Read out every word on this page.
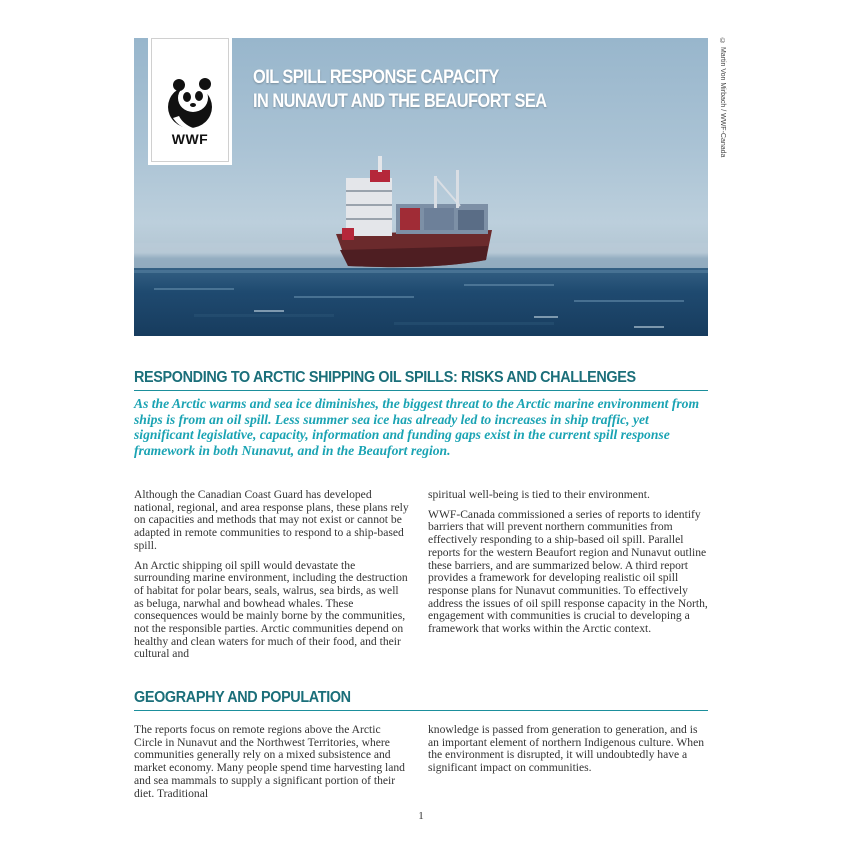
WWF
OIL SPILL RESPONSE CAPACITY
IN NUNAVUT AND THE BEAUFORT SEA	© Martin Von Mirbach / WWF-Canada
RESPONDING TO ARCTIC SHIPPING OIL SPILLS: RISKS AND CHALLENGES
As the Arctic warms and sea ice diminishes, the biggest threat to the Arctic marine environment from ships is from an oil spill. Less summer sea ice has already led to increases in ship traffic, yet significant legislative, capacity, information and funding gaps exist in the current spill response framework in both Nunavut, and in the Beaufort region.

Although the Canadian Coast Guard has developed national, regional, and area response plans, these plans rely on capacities and methods that may not exist or cannot be adapted in remote communities to respond to a ship-based spill.

An Arctic shipping oil spill would devastate the surrounding marine environment, including the destruction of habitat for polar bears, seals, walrus, sea birds, as well as beluga, narwhal and bowhead whales. These consequences would be mainly borne by the communities, not the responsible parties. Arctic communities depend on healthy and clean waters for much of their food, and their cultural and

spiritual well-being is tied to their environment.

WWF-Canada commissioned a series of reports to identify barriers that will prevent northern communities from effectively responding to a ship-based oil spill. Parallel reports for the western Beaufort region and Nunavut outline these barriers, and are summarized below. A third report provides a framework for developing realistic oil spill response plans for Nunavut communities. To effectively address the issues of oil spill response capacity in the North, engagement with communities is crucial to developing a framework that works within the Arctic context.

GEOGRAPHY AND POPULATION

The reports focus on remote regions above the Arctic Circle in Nunavut and the Northwest Territories, where communities generally rely on a mixed subsistence and market economy. Many people spend time harvesting land and sea mammals to supply a significant portion of their diet. Traditional

knowledge is passed from generation to generation, and is an important element of northern Indigenous culture. When the environment is disrupted, it will undoubtedly have a significant impact on communities.

1
